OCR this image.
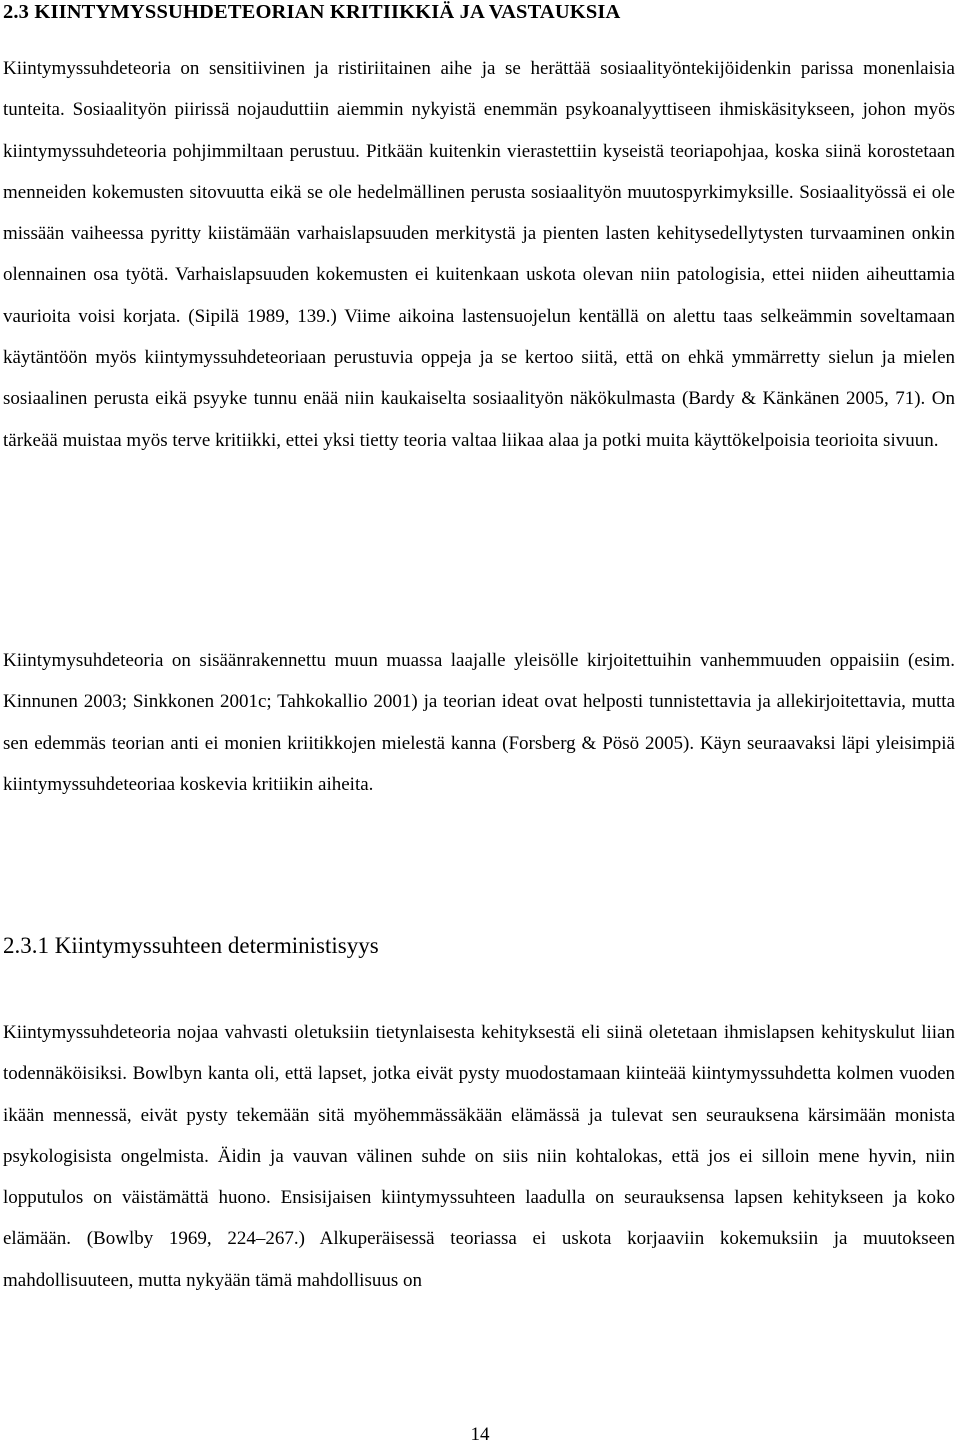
2.3 KIINTYMYSSUHDETEORIAN KRITIIKKIÄ JA VASTAUKSIA

Kiintymyssuhdeteoria on sensitiivinen ja ristiriitainen aihe ja se herättää sosiaalityöntekijöidenkin parissa monenlaisia tunteita. Sosiaalityön piirissä nojauduttiin aiemmin nykyistä enemmän psykoanalyyttiseen ihmiskäsitykseen, johon myös kiintymyssuhdeteoria pohjimmiltaan perustuu. Pitkään kuitenkin vierastettiin kyseistä teoriapohjaa, koska siinä korostetaan menneiden kokemusten sitovuutta eikä se ole hedelmällinen perusta sosiaalityön muutospyrkimyksille. Sosiaalityössä ei ole missään vaiheessa pyritty kiistämään varhaislapsuuden merkitystä ja pienten lasten kehitysedellytysten turvaaminen onkin olennainen osa työtä. Varhaislapsuuden kokemusten ei kuitenkaan uskota olevan niin patologisia, ettei niiden aiheuttamia vaurioita voisi korjata. (Sipilä 1989, 139.) Viime aikoina lastensuojelun kentällä on alettu taas selkeämmin soveltamaan käytäntöön myös kiintymyssuhdeteoriaan perustuvia oppeja ja se kertoo siitä, että on ehkä ymmärretty sielun ja mielen sosiaalinen perusta eikä psyyke tunnu enää niin kaukaiselta sosiaalityön näkökulmasta (Bardy & Känkänen 2005, 71). On tärkeää muistaa myös terve kritiikki, ettei yksi tietty teoria valtaa liikaa alaa ja potki muita käyttökelpoisia teorioita sivuun.

Kiintymysuhdeteoria on sisäänrakennettu muun muassa laajalle yleisölle kirjoitettuihin vanhemmuuden oppaisiin (esim. Kinnunen 2003; Sinkkonen 2001c; Tahkokallio 2001) ja teorian ideat ovat helposti tunnistettavia ja allekirjoitettavia, mutta sen edemmäs teorian anti ei monien kriitikkojen mielestä kanna (Forsberg & Pösö 2005). Käyn seuraavaksi läpi yleisimpiä kiintymyssuhdeteoriaa koskevia kritiikin aiheita.

2.3.1 Kiintymyssuhteen deterministisyys

Kiintymyssuhdeteoria nojaa vahvasti oletuksiin tietynlaisesta kehityksestä eli siinä oletetaan ihmislapsen kehityskulut liian todennäköisiksi. Bowlbyn kanta oli, että lapset, jotka eivät pysty muodostamaan kiinteää kiintymyssuhdetta kolmen vuoden ikään mennessä, eivät pysty tekemään sitä myöhemmässäkään elämässä ja tulevat sen seurauksena kärsimään monista psykologisista ongelmista. Äidin ja vauvan välinen suhde on siis niin kohtalokas, että jos ei silloin mene hyvin, niin lopputulos on väistämättä huono. Ensisijaisen kiintymyssuhteen laadulla on seurauksensa lapsen kehitykseen ja koko elämään. (Bowlby 1969, 224–267.) Alkuperäisessä teoriassa ei uskota korjaaviin kokemuksiin ja muutokseen mahdollisuuteen, mutta nykyään tämä mahdollisuus on

14
